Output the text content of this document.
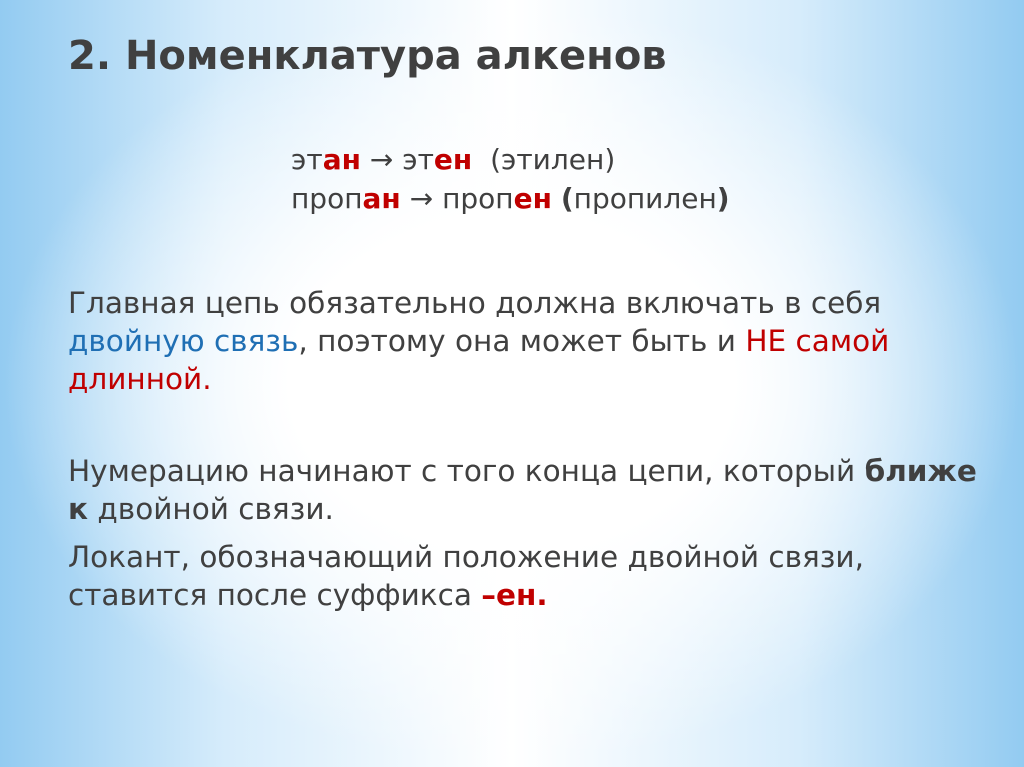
2. Номенклатура алкенов
этан → этен (этилен)
пропан → пропен (пропилен)

Главная цепь обязательно должна включать в себя двойную связь, поэтому она может быть и НЕ самой длинной.

Нумерацию начинают с того конца цепи, который ближе к двойной связи.

Локант, обозначающий положение двойной связи, ставится после суффикса –ен.
